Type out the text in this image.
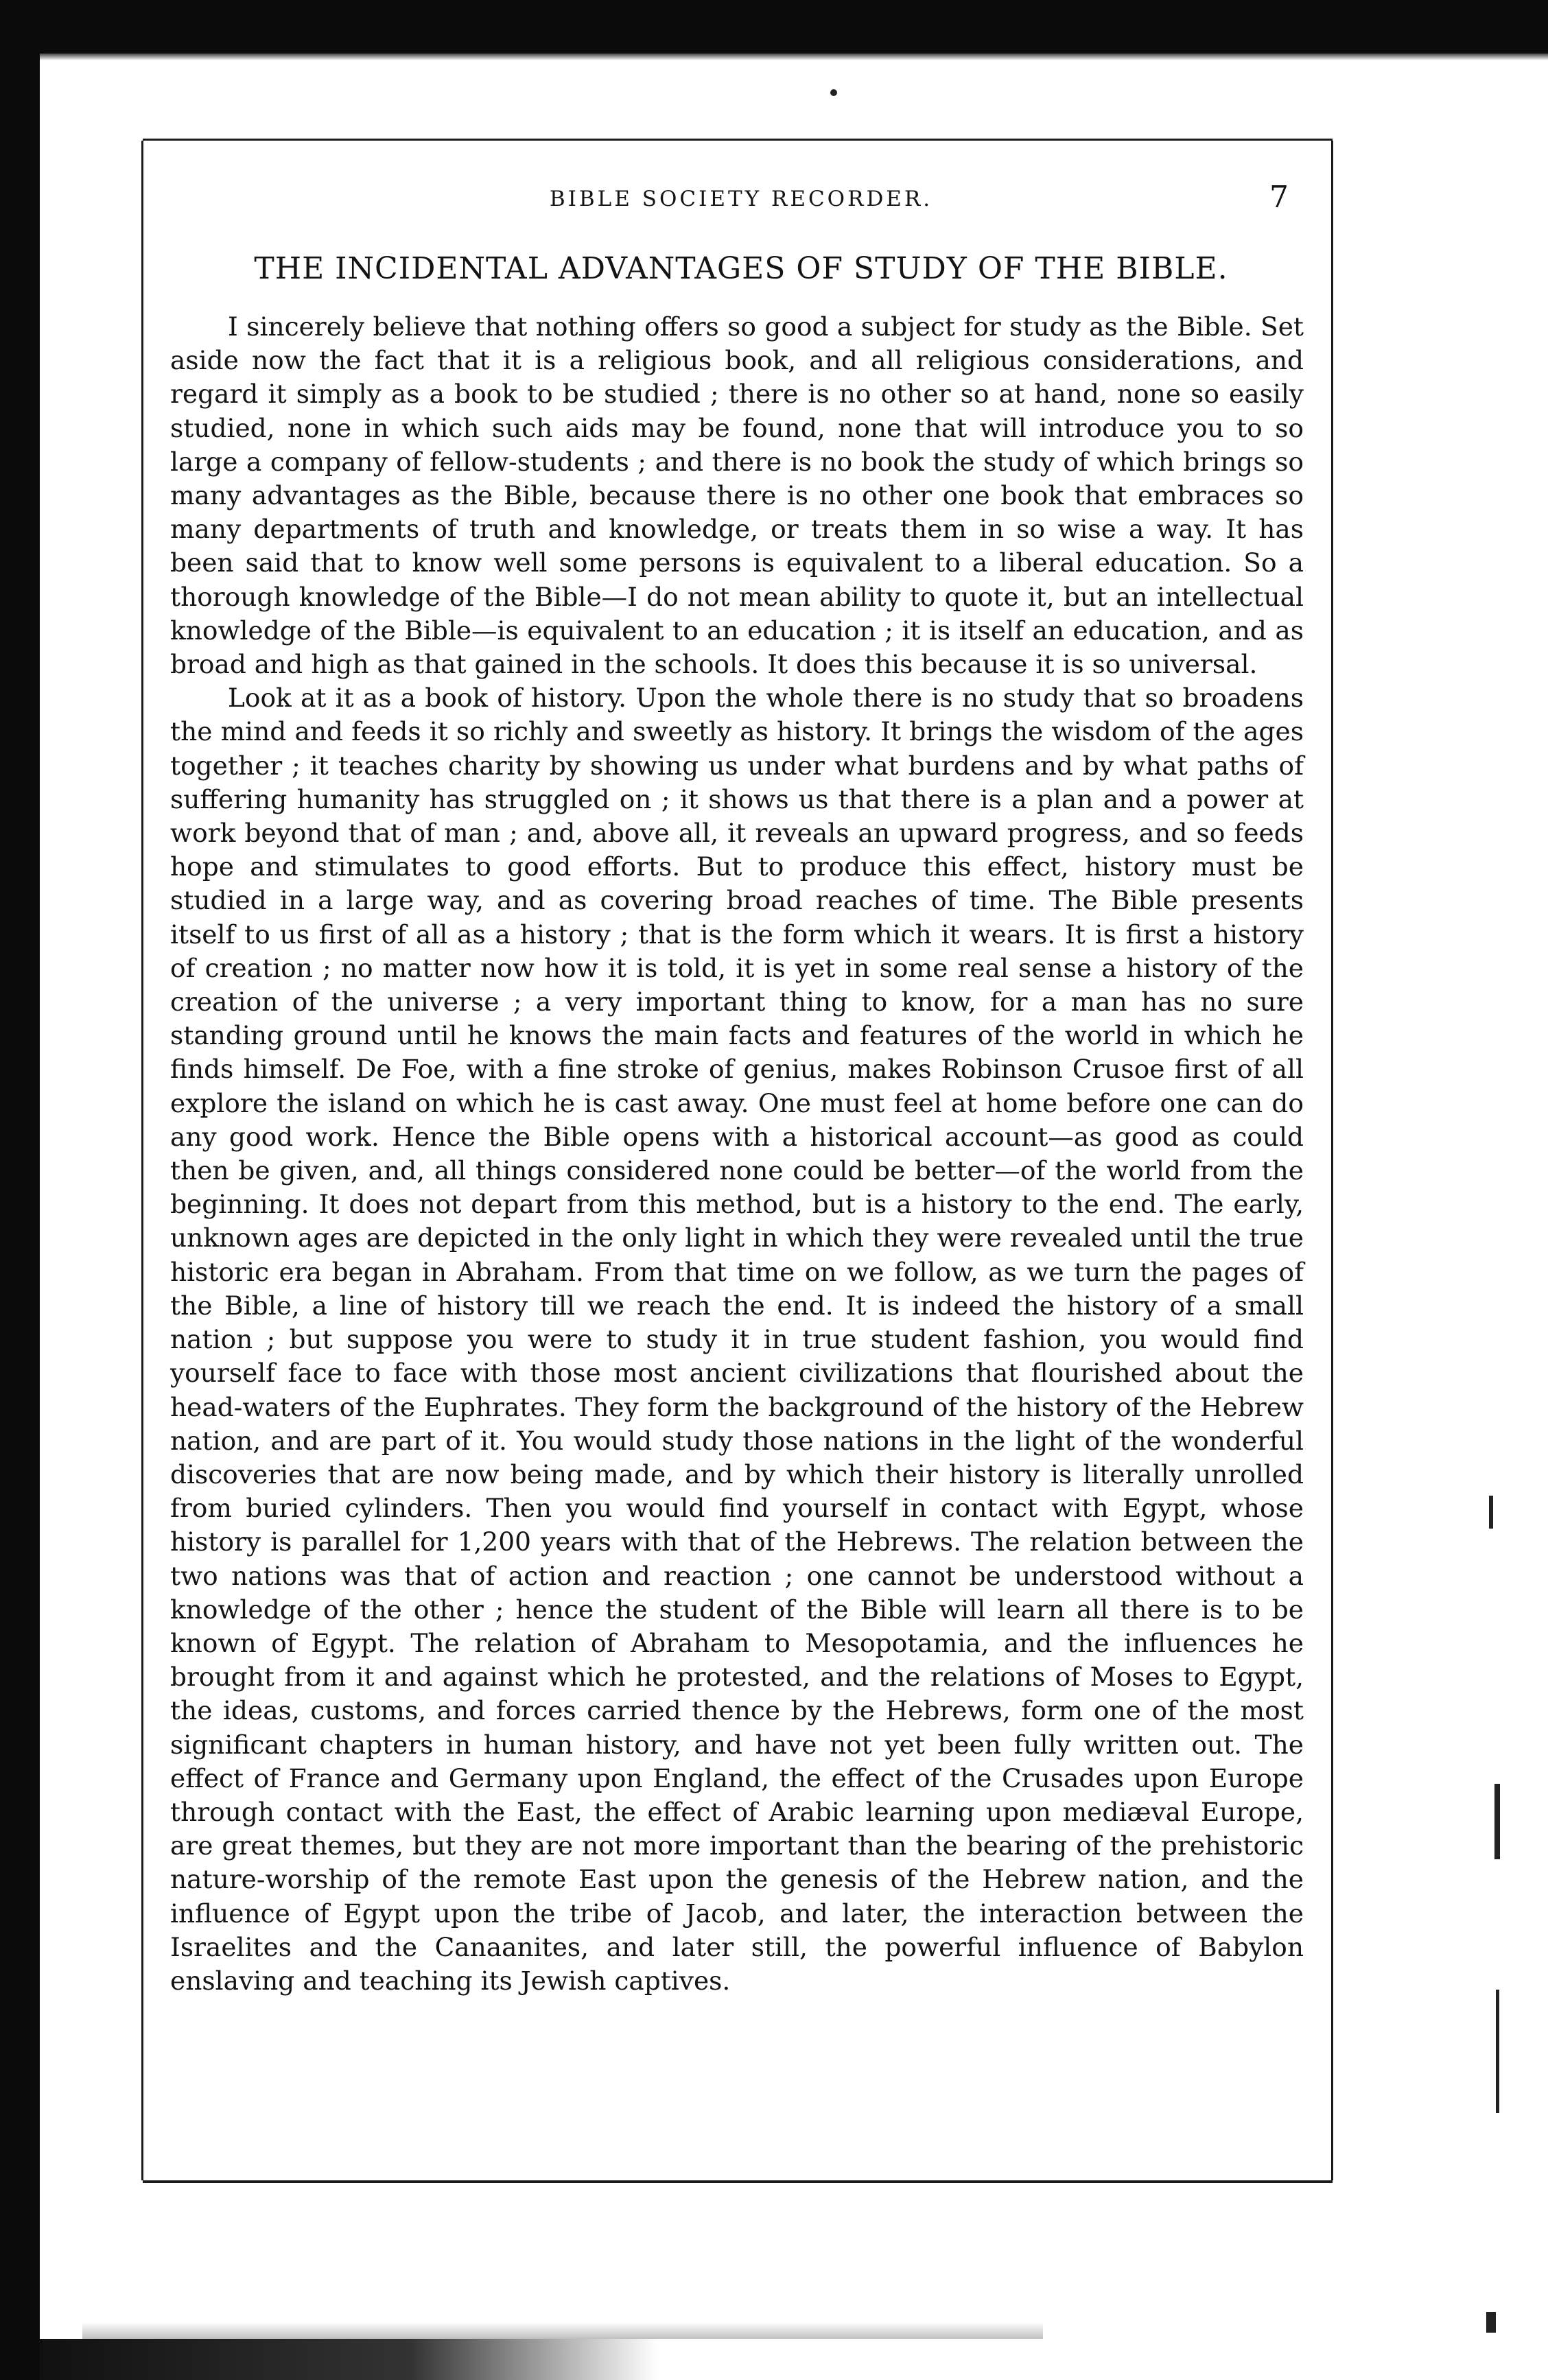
BIBLE SOCIETY RECORDER.	7
THE INCIDENTAL ADVANTAGES OF STUDY OF THE BIBLE.

I sincerely believe that nothing offers so good a subject for study as the Bible. Set aside now the fact that it is a religious book, and all religious considerations, and regard it simply as a book to be studied ; there is no other so at hand, none so easily studied, none in which such aids may be found, none that will introduce you to so large a company of fellow-students ; and there is no book the study of which brings so many advantages as the Bible, because there is no other one book that embraces so many departments of truth and knowledge, or treats them in so wise a way. It has been said that to know well some persons is equivalent to a liberal education. So a thorough knowledge of the Bible—I do not mean ability to quote it, but an intellectual knowledge of the Bible—is equivalent to an education ; it is itself an education, and as broad and high as that gained in the schools. It does this because it is so universal.

Look at it as a book of history. Upon the whole there is no study that so broadens the mind and feeds it so richly and sweetly as history. It brings the wisdom of the ages together ; it teaches charity by showing us under what burdens and by what paths of suffering humanity has struggled on ; it shows us that there is a plan and a power at work beyond that of man ; and, above all, it reveals an upward progress, and so feeds hope and stimulates to good efforts. But to produce this effect, history must be studied in a large way, and as covering broad reaches of time. The Bible presents itself to us first of all as a history ; that is the form which it wears. It is first a history of creation ; no matter now how it is told, it is yet in some real sense a history of the creation of the universe ; a very important thing to know, for a man has no sure standing ground until he knows the main facts and features of the world in which he finds himself. De Foe, with a fine stroke of genius, makes Robinson Crusoe first of all explore the island on which he is cast away. One must feel at home before one can do any good work. Hence the Bible opens with a historical account—as good as could then be given, and, all things considered none could be better—of the world from the beginning. It does not depart from this method, but is a history to the end. The early, unknown ages are depicted in the only light in which they were revealed until the true historic era began in Abraham. From that time on we follow, as we turn the pages of the Bible, a line of history till we reach the end. It is indeed the history of a small nation ; but suppose you were to study it in true student fashion, you would find yourself face to face with those most ancient civilizations that flourished about the head-waters of the Euphrates. They form the background of the history of the Hebrew nation, and are part of it. You would study those nations in the light of the wonderful discoveries that are now being made, and by which their history is literally unrolled from buried cylinders. Then you would find yourself in contact with Egypt, whose history is parallel for 1,200 years with that of the Hebrews. The relation between the two nations was that of action and reaction ; one cannot be understood without a knowledge of the other ; hence the student of the Bible will learn all there is to be known of Egypt. The relation of Abraham to Mesopotamia, and the influences he brought from it and against which he protested, and the relations of Moses to Egypt, the ideas, customs, and forces carried thence by the Hebrews, form one of the most significant chapters in human history, and have not yet been fully written out. The effect of France and Germany upon England, the effect of the Crusades upon Europe through contact with the East, the effect of Arabic learning upon mediæval Europe, are great themes, but they are not more important than the bearing of the prehistoric nature-worship of the remote East upon the genesis of the Hebrew nation, and the influence of Egypt upon the tribe of Jacob, and later, the interaction between the Israelites and the Canaanites, and later still, the powerful influence of Babylon enslaving and teaching its Jewish captives.
